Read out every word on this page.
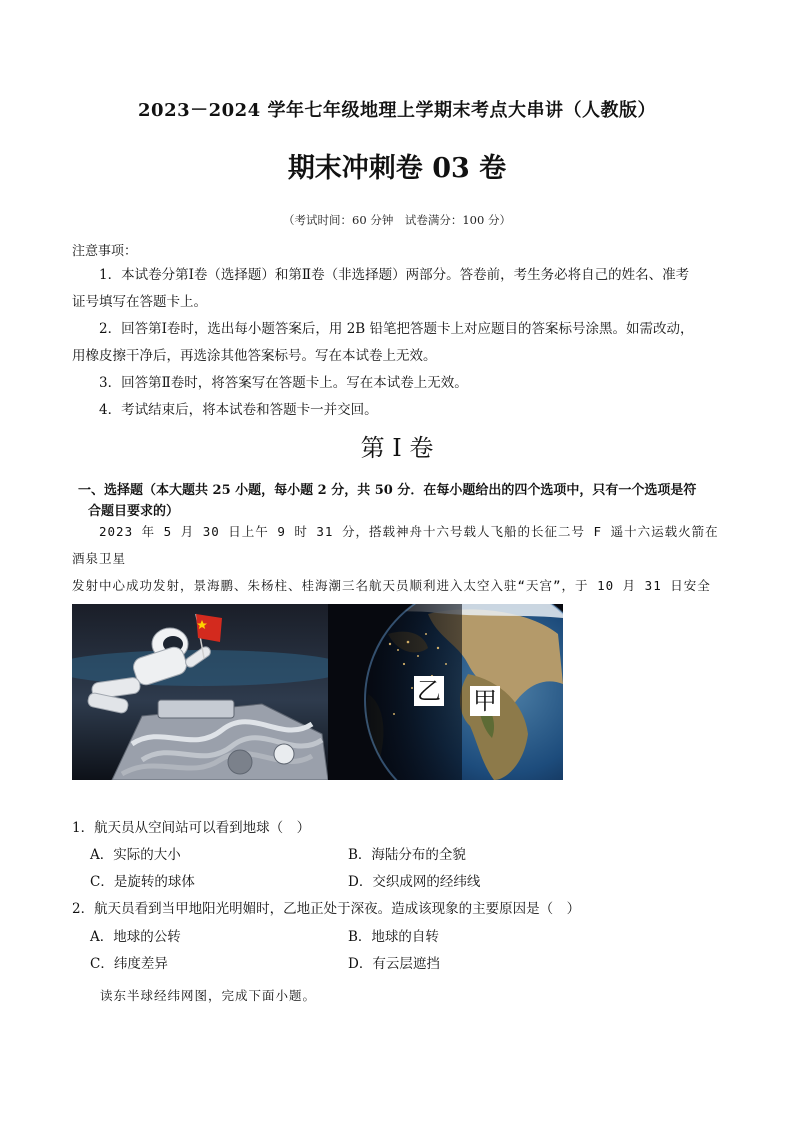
2023－2024 学年七年级地理上学期末考点大串讲（人教版）
期末冲刺卷 03 卷
（考试时间：60 分钟　试卷满分：100 分）
注意事项：
1．本试卷分第Ⅰ卷（选择题）和第Ⅱ卷（非选择题）两部分。答卷前，考生务必将自己的姓名、准考
证号填写在答题卡上。
2．回答第Ⅰ卷时，选出每小题答案后，用 2B 铅笔把答题卡上对应题目的答案标号涂黑。如需改动，
用橡皮擦干净后，再选涂其他答案标号。写在本试卷上无效。
3．回答第Ⅱ卷时，将答案写在答题卡上。写在本试卷上无效。
4．考试结束后，将本试卷和答题卡一并交回。
第 I 卷
一、选择题（本大题共 25 小题，每小题 2 分，共 50 分．在每小题给出的四个选项中，只有一个选项是符
合题目要求的）
2023 年 5 月 30 日上午 9 时 31 分，搭载神舟十六号载人飞船的长征二号 F 遥十六运载火箭在酒泉卫星
发射中心成功发射，景海鹏、朱杨柱、桂海潮三名航天员顺利进入太空入驻“天宫”，于 10 月 31 日安全
乙 甲
1．航天员从空间站可以看到地球（　）
A．实际的大小	B．海陆分布的全貌
C．是旋转的球体	D．交织成网的经纬线
2．航天员看到当甲地阳光明媚时，乙地正处于深夜。造成该现象的主要原因是（　）
A．地球的公转	B．地球的自转
C．纬度差异	D．有云层遮挡
读东半球经纬网图，完成下面小题。
